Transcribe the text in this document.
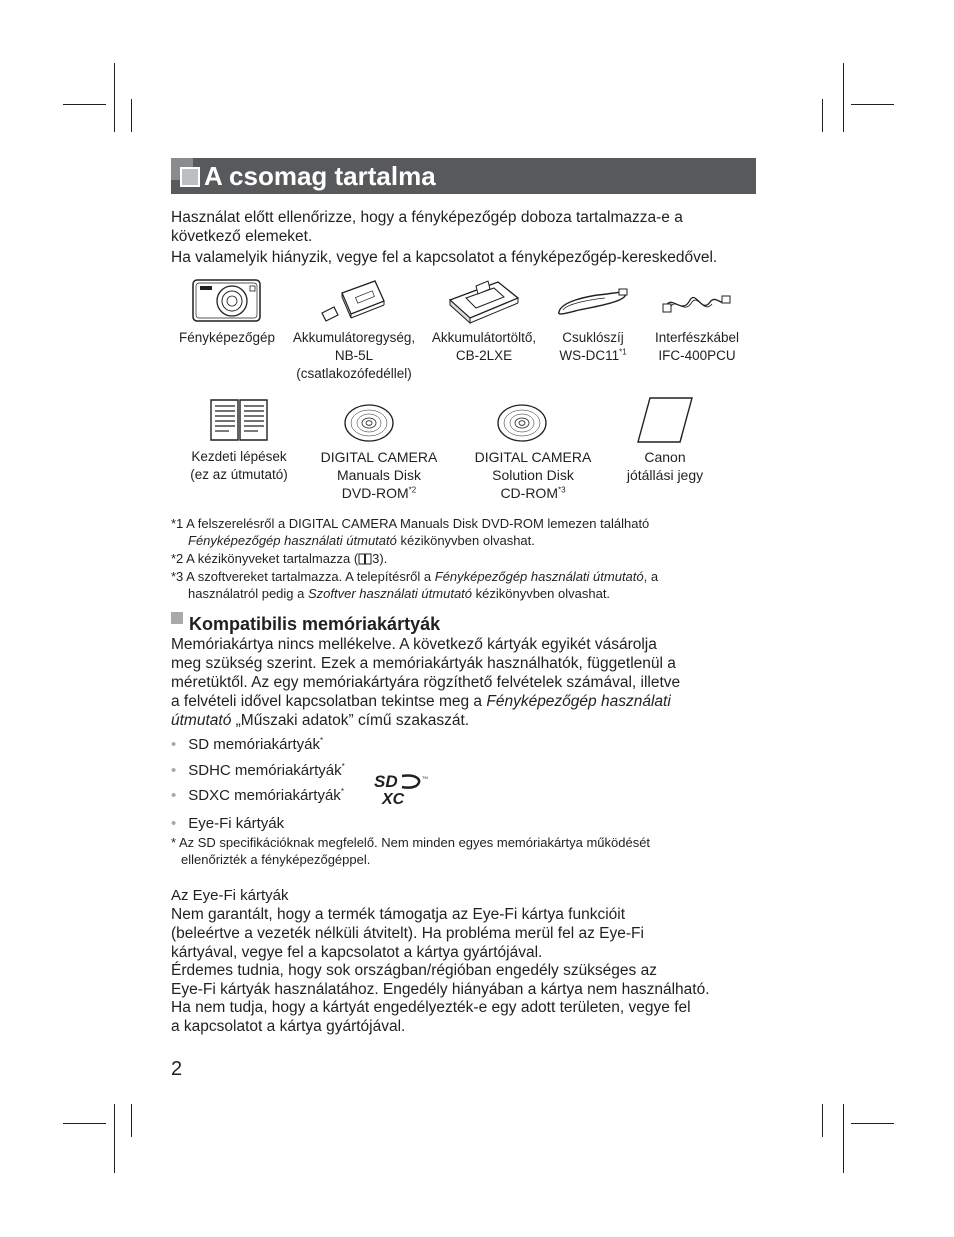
A csomag tartalma
Használat előtt ellenőrizze, hogy a fényképezőgép doboza tartalmazza-e a
következő elemeket.
Ha valamelyik hiányzik, vegye fel a kapcsolatot a fényképezőgép-kereskedővel.
Fényképezőgép	Akkumulátoregység,
NB-5L
(csatlakozófedéllel)
Akkumulátortöltő,
CB-2LXE
Csuklószíj
WS-DC11$^{*1}$
Interfészkábel
IFC-400PCU
Kezdeti lépések
(ez az útmutató)
DIGITAL CAMERA
Manuals Disk
DVD-ROM$^{*2}$
DIGITAL CAMERA
Solution Disk
CD-ROM$^{*3}$
Canon
jótállási jegy
*1 A felszerelésről a DIGITAL CAMERA Manuals Disk DVD-ROM lemezen található
Fényképezőgép használati útmutató kézikönyvben olvashat.
*2 A kézikönyveket tartalmazza ( 3).
*3 A szoftvereket tartalmazza. A telepítésről a Fényképezőgép használati útmutató, a
használatról pedig a Szoftver használati útmutató kézikönyvben olvashat.
Kompatibilis memóriakártyák
Memóriakártya nincs mellékelve. A következő kártyák egyikét vásárolja
meg szükség szerint. Ezek a memóriakártyák használhatók, függetlenül a
méretüktől. Az egy memóriakártyára rögzíthető felvételek számával, illetve
a felvételi idővel kapcsolatban tekintse meg a Fényképezőgép használati
útmutató „Műszaki adatok” című szakaszát.
• SD memóriakártyák*
• SDHC memóriakártyák*
• SDXC memóriakártyák*
• Eye-Fi kártyák
SD
XC
TM
* Az SD specifikációknak megfelelő. Nem minden egyes memóriakártya működését
ellenőrizték a fényképezőgéppel.
Az Eye-Fi kártyák
Nem garantált, hogy a termék támogatja az Eye-Fi kártya funkcióit
(beleértve a vezeték nélküli átvitelt). Ha probléma merül fel az Eye-Fi
kártyával, vegye fel a kapcsolatot a kártya gyártójával.
Érdemes tudnia, hogy sok országban/régióban engedély szükséges az
Eye-Fi kártyák használatához. Engedély hiányában a kártya nem használható.
Ha nem tudja, hogy a kártyát engedélyezték-e egy adott területen, vegye fel
a kapcsolatot a kártya gyártójával.
2
